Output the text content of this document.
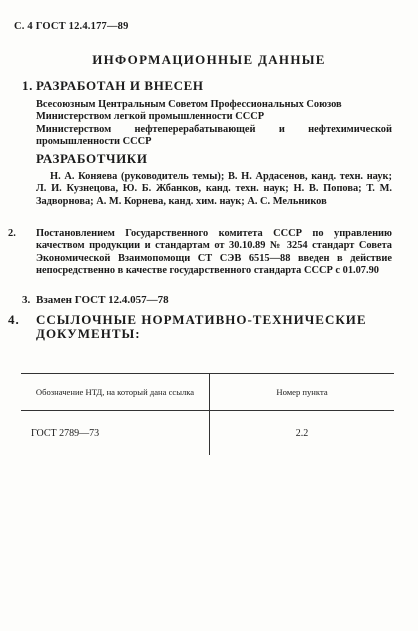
С. 4 ГОСТ 12.4.177—89
ИНФОРМАЦИОННЫЕ ДАННЫЕ
1. РАЗРАБОТАН И ВНЕСЕН

Всесоюзным Центральным Советом Профессиональных Союзов

Министерством легкой промышленности СССР

Министерством нефтеперерабатывающей и нефтехимической промышленности СССР

РАЗРАБОТЧИКИ

Н. А. Коняева (руководитель темы); В. Н. Ардасенов, канд. техн. наук; Л. И. Кузнецова, Ю. Б. Жбанков, канд. техн. наук; Н. В. Попова; Т. М. Задворнова; А. М. Корнева, канд. хим. наук; А. С. Мельников

2. Постановлением Государственного комитета СССР по управлению качеством продукции и стандартам от 30.10.89 № 3254 стандарт Совета Экономической Взаимопомощи СТ СЭВ 6515—88 введен в действие непосредственно в качестве государственного стандарта СССР с 01.07.90

3. Взамен ГОСТ 12.4.057—78
4. ССЫЛОЧНЫЕ НОРМАТИВНО-ТЕХНИЧЕСКИЕ ДОКУМЕНТЫ:
Обозначение НТД, на который дана ссылка	Номер пункта
ГОСТ 2789—73	2.2
